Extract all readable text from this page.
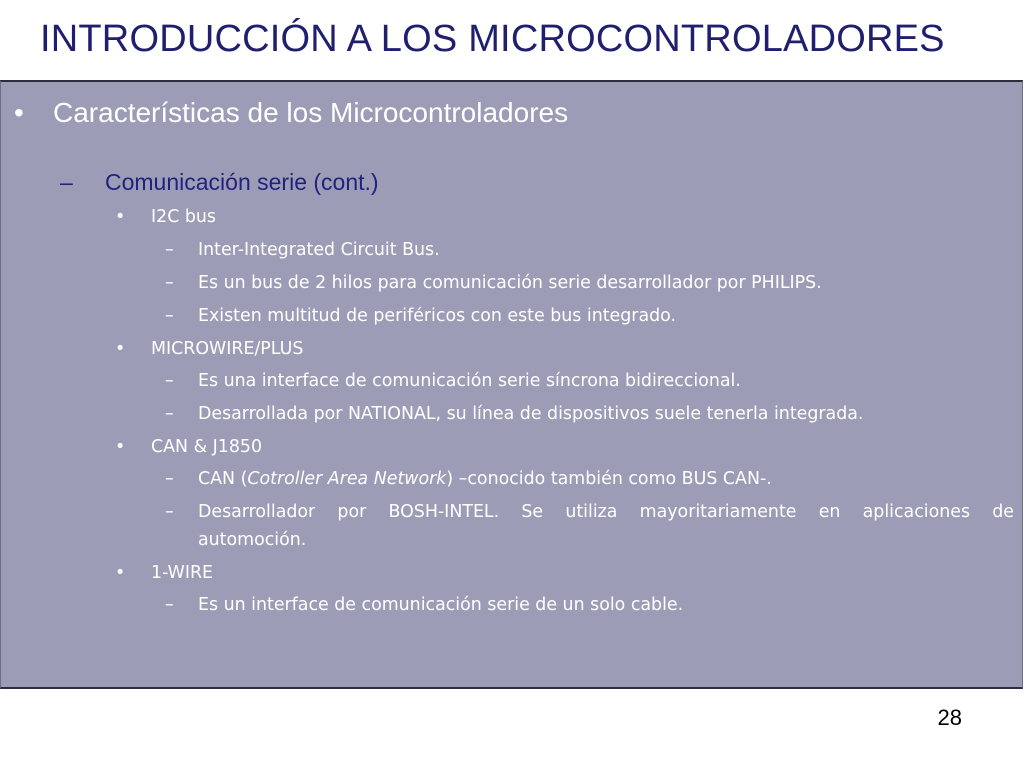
INTRODUCCIÓN A LOS MICROCONTROLADORES
• Características de los Microcontroladores
– Comunicación serie (cont.)
• I2C bus
– Inter-Integrated Circuit Bus.
– Es un bus de 2 hilos para comunicación serie desarrollador por PHILIPS.
– Existen multitud de periféricos con este bus integrado.
• MICROWIRE/PLUS
– Es una interface de comunicación serie síncrona bidireccional.
– Desarrollada por NATIONAL, su línea de dispositivos suele tenerla integrada.
• CAN & J1850
– CAN (Cotroller Area Network) –conocido también como BUS CAN-.
– Desarrollador por BOSH-INTEL. Se utiliza mayoritariamente en aplicaciones de automoción.
• 1-WIRE
– Es un interface de comunicación serie de un solo cable.
28
